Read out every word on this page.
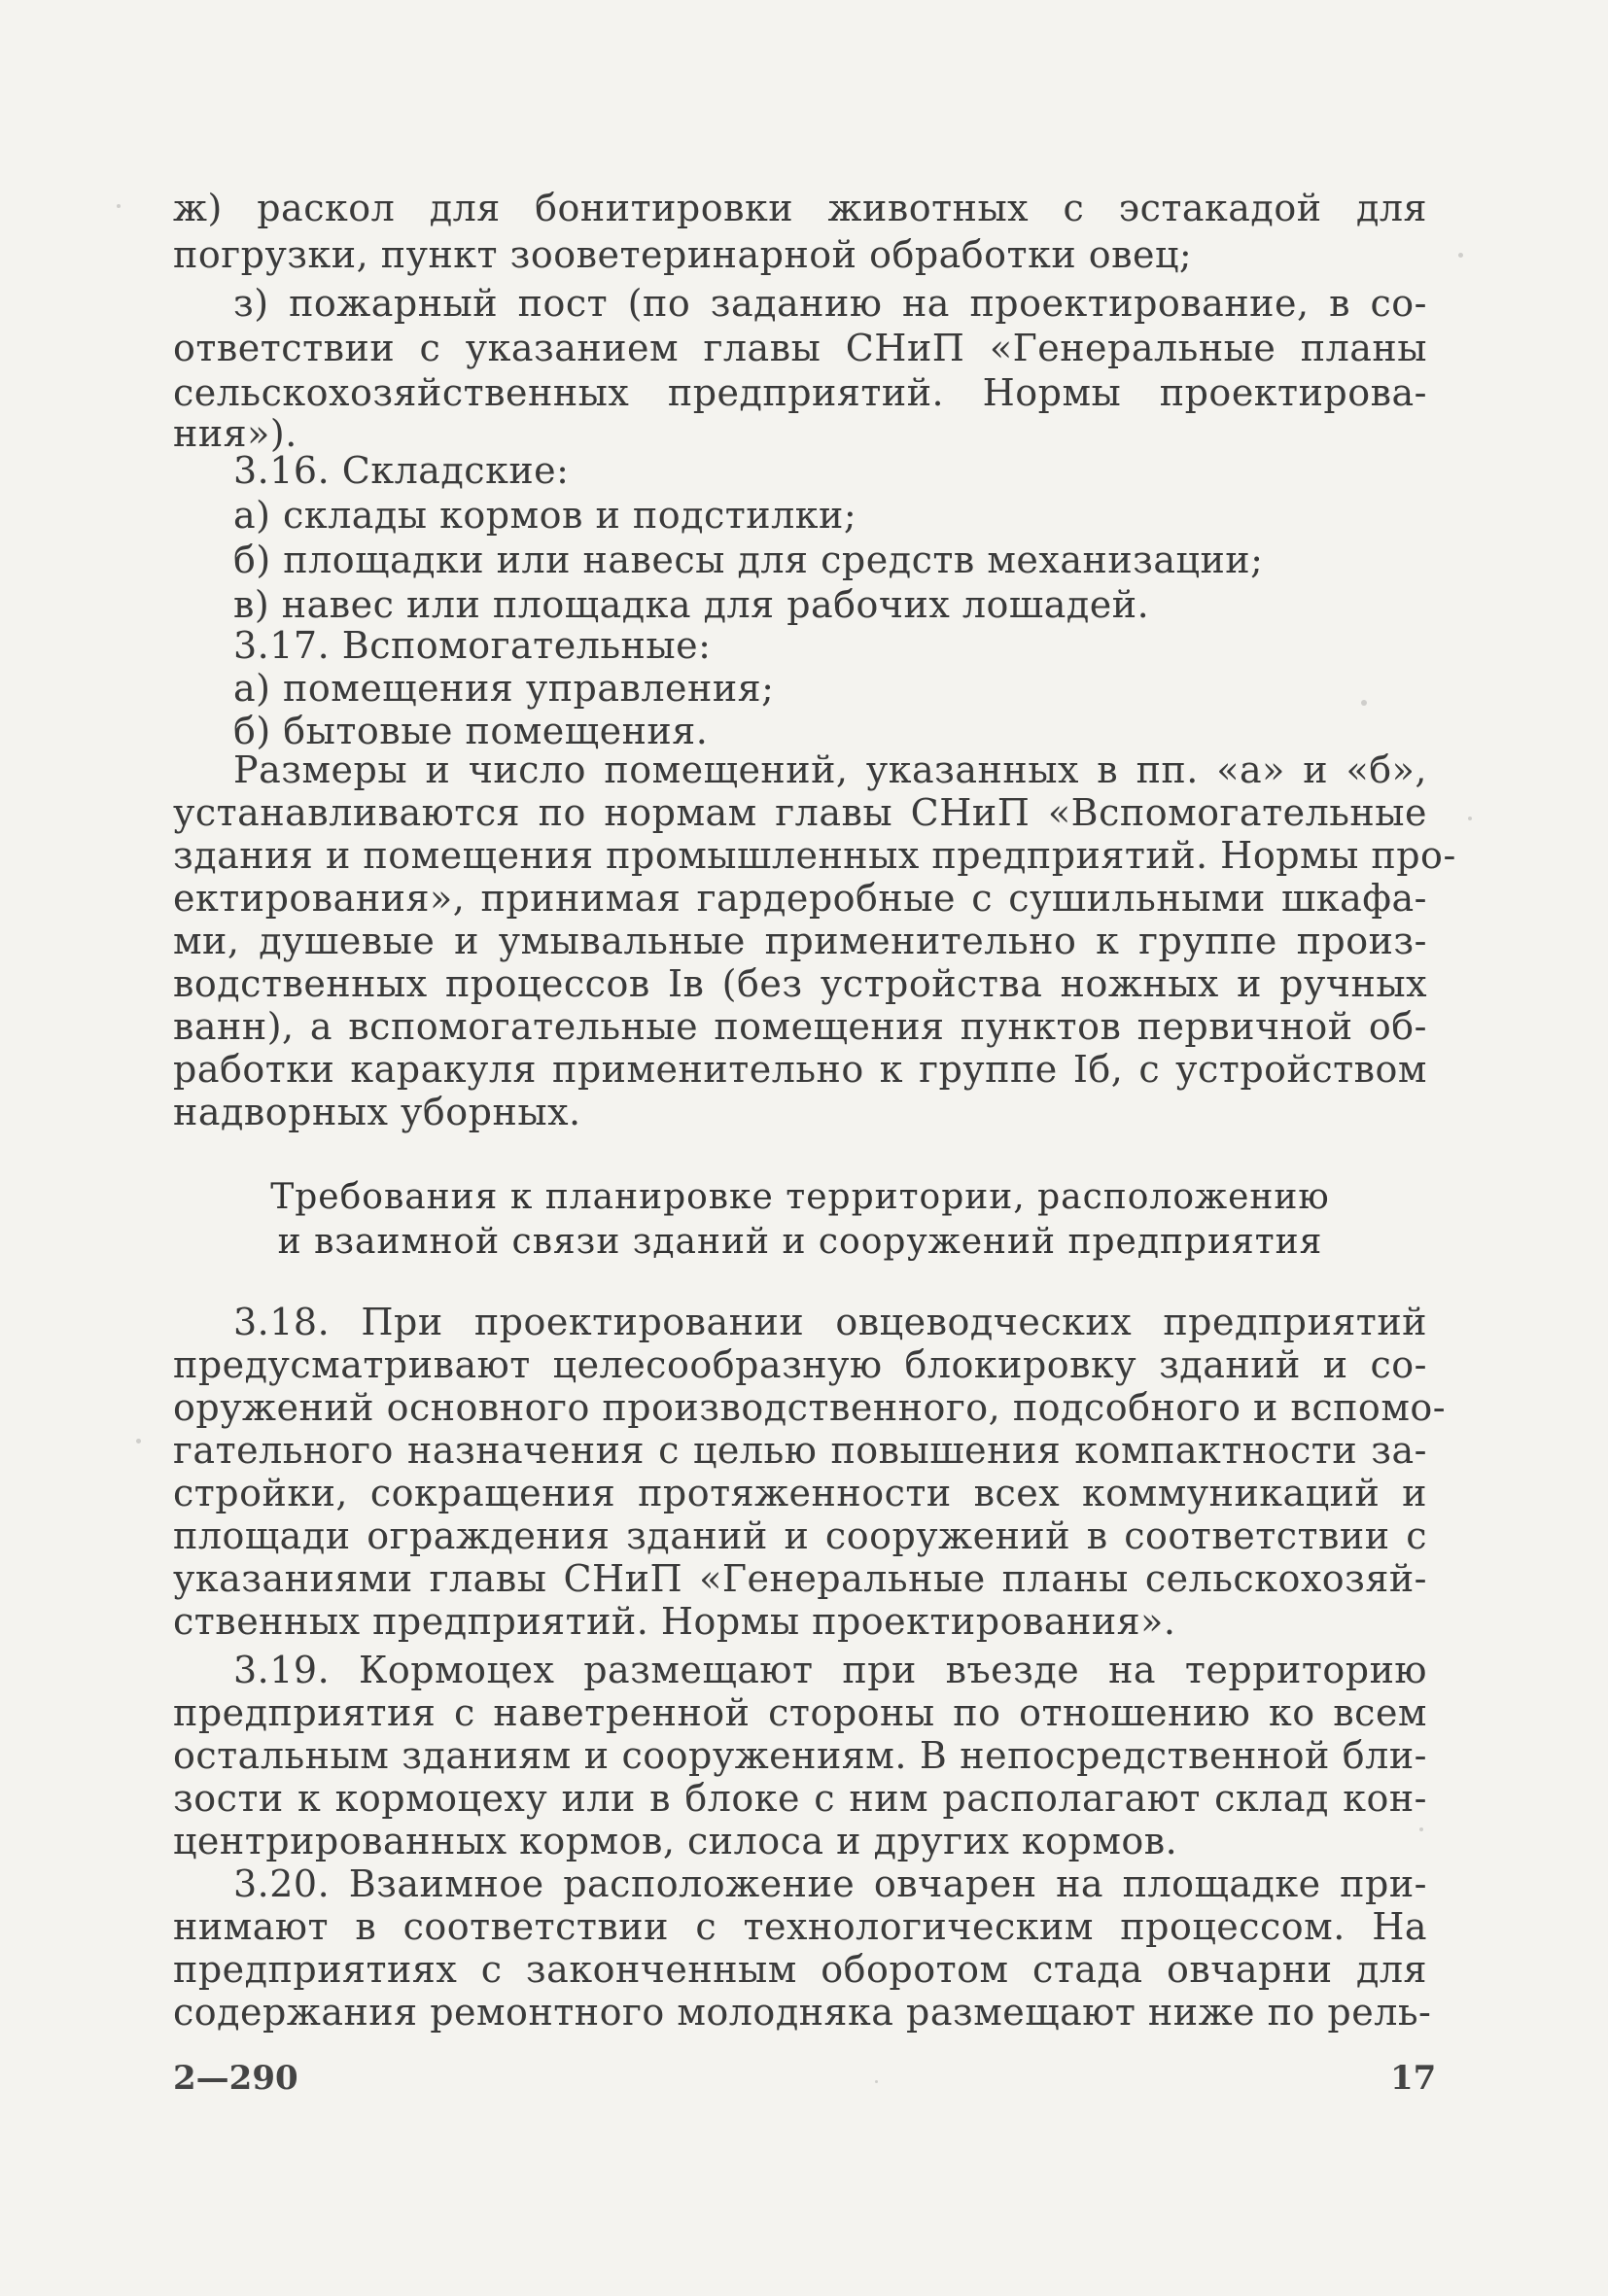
ж) раскол для бонитировки животных с эстакадой для
погрузки, пункт зооветеринарной обработки овец;
з) пожарный пост (по заданию на проектирование, в со-
ответствии с указанием главы СНиП «Генеральные планы
сельскохозяйственных предприятий. Нормы проектирова-
ния»).
3.16. Складские:
а) склады кормов и подстилки;
б) площадки или навесы для средств механизации;
в) навес или площадка для рабочих лошадей.
3.17. Вспомогательные:
а) помещения управления;
б) бытовые помещения.
Размеры и число помещений, указанных в пп. «а» и «б»,
устанавливаются по нормам главы СНиП «Вспомогательные
здания и помещения промышленных предприятий. Нормы про-
ектирования», принимая гардеробные с сушильными шкафа-
ми, душевые и умывальные применительно к группе произ-
водственных процессов Iв (без устройства ножных и ручных
ванн), а вспомогательные помещения пунктов первичной об-
работки каракуля применительно к группе Iб, с устройством
надворных уборных.
Требования к планировке территории, расположению
и взаимной связи зданий и сооружений предприятия
3.18. При проектировании овцеводческих предприятий
предусматривают целесообразную блокировку зданий и со-
оружений основного производственного, подсобного и вспомо-
гательного назначения с целью повышения компактности за-
стройки, сокращения протяженности всех коммуникаций и
площади ограждения зданий и сооружений в соответствии с
указаниями главы СНиП «Генеральные планы сельскохозяй-
ственных предприятий. Нормы проектирования».
3.19. Кормоцех размещают при въезде на территорию
предприятия с наветренной стороны по отношению ко всем
остальным зданиям и сооружениям. В непосредственной бли-
зости к кормоцеху или в блоке с ним располагают склад кон-
центрированных кормов, силоса и других кормов.
3.20. Взаимное расположение овчарен на площадке при-
нимают в соответствии с технологическим процессом. На
предприятиях с законченным оборотом стада овчарни для
содержания ремонтного молодняка размещают ниже по рель-
2—290	17
